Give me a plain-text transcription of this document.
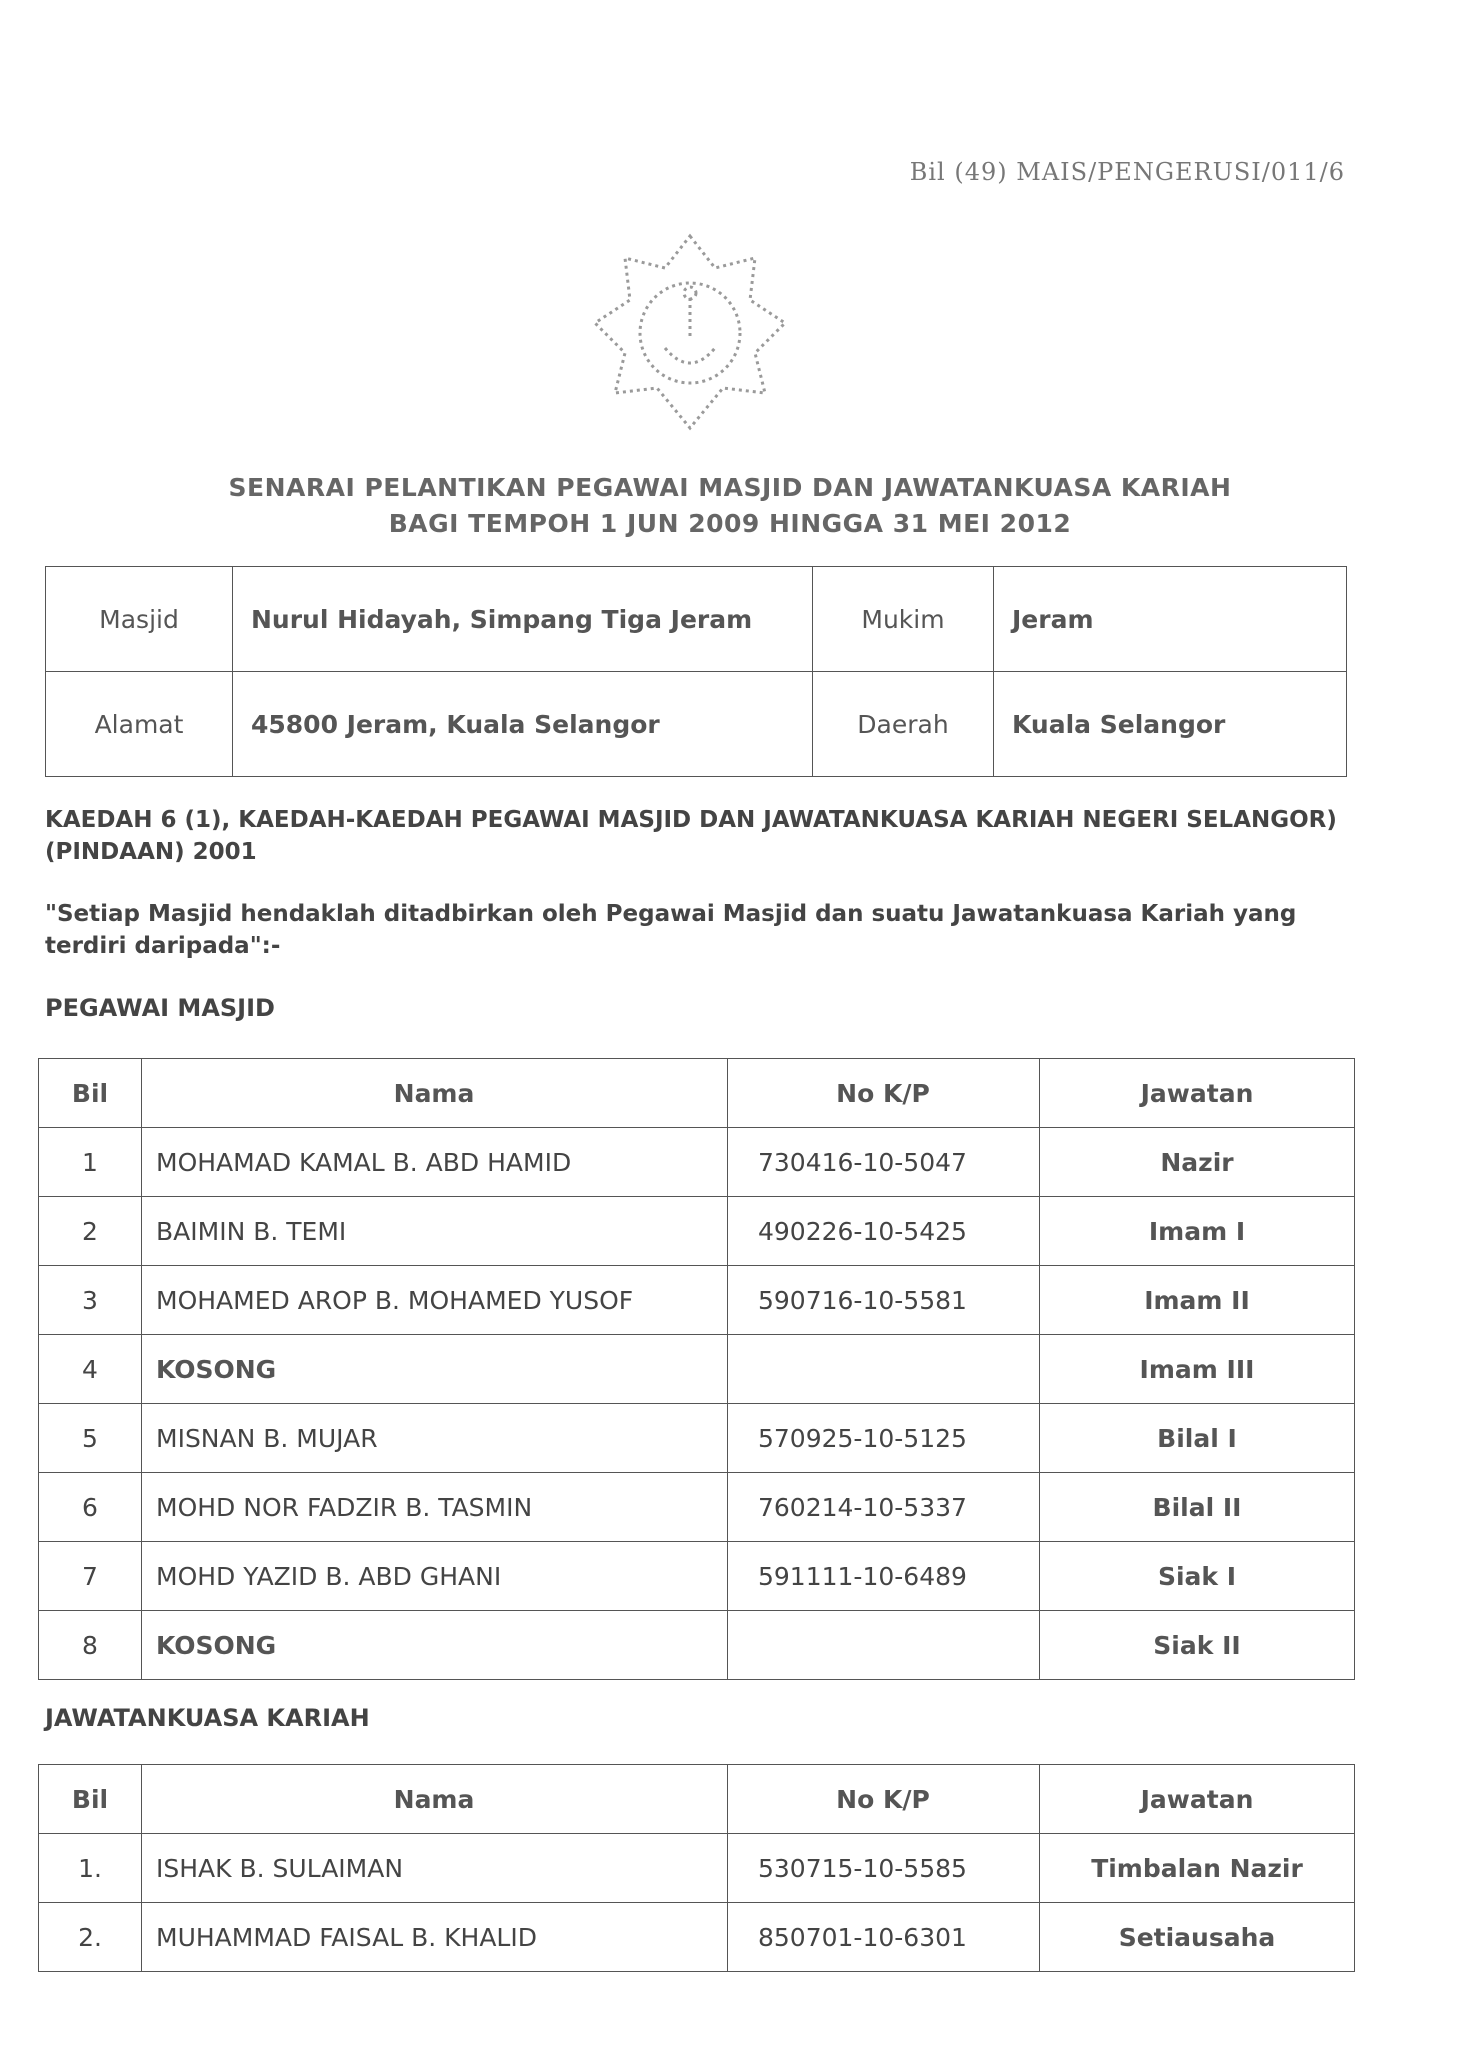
Bil (49) MAIS/PENGERUSI/011/6
SENARAI PELANTIKAN PEGAWAI MASJID DAN JAWATANKUASA KARIAH
BAGI TEMPOH 1 JUN 2009 HINGGA 31 MEI 2012
Masjid	Nurul Hidayah, Simpang Tiga Jeram	Mukim	Jeram
Alamat	45800 Jeram, Kuala Selangor	Daerah	Kuala Selangor
KAEDAH 6 (1), KAEDAH-KAEDAH PEGAWAI MASJID DAN JAWATANKUASA KARIAH NEGERI SELANGOR) (PINDAAN) 2001
"Setiap Masjid hendaklah ditadbirkan oleh Pegawai Masjid dan suatu Jawatankuasa Kariah yang terdiri daripada":-
PEGAWAI MASJID
Bil	Nama	No K/P	Jawatan
1	MOHAMAD KAMAL B. ABD HAMID	730416-10-5047	Nazir
2	BAIMIN B. TEMI	490226-10-5425	Imam I
3	MOHAMED AROP B. MOHAMED YUSOF	590716-10-5581	Imam II
4	KOSONG		Imam III
5	MISNAN B. MUJAR	570925-10-5125	Bilal I
6	MOHD NOR FADZIR B. TASMIN	760214-10-5337	Bilal II
7	MOHD YAZID B. ABD GHANI	591111-10-6489	Siak I
8	KOSONG		Siak II
JAWATANKUASA KARIAH
Bil	Nama	No K/P	Jawatan
1.	ISHAK B. SULAIMAN	530715-10-5585	Timbalan Nazir
2.	MUHAMMAD FAISAL B. KHALID	850701-10-6301	Setiausaha
